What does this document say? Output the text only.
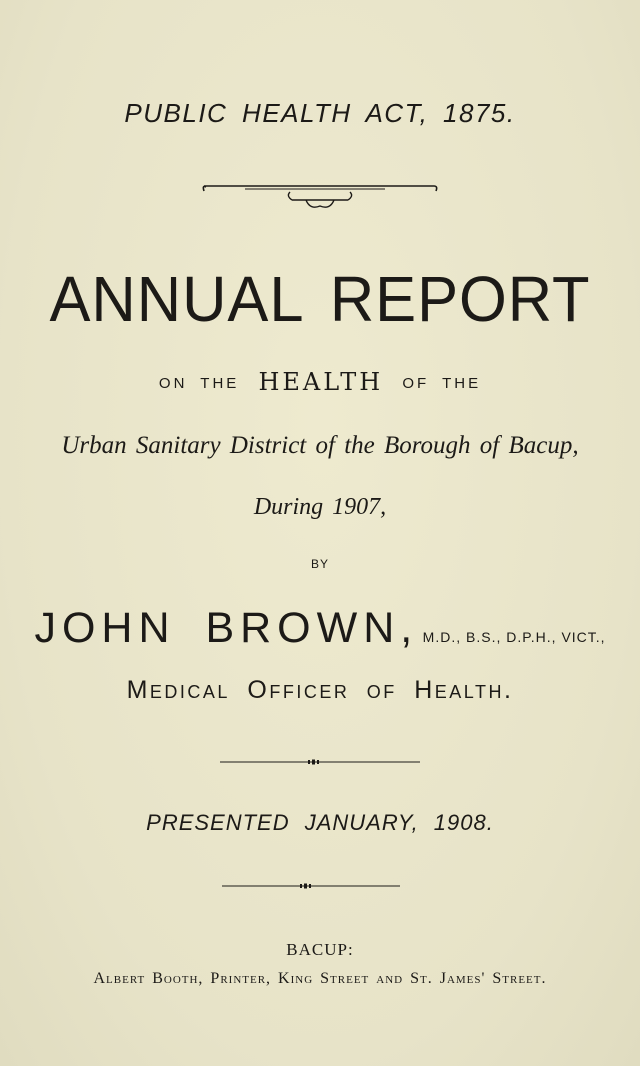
PUBLIC HEALTH ACT, 1875.
ANNUAL REPORT
ON THE HEALTH OF THE
Urban Sanitary District of the Borough of Bacup,
During 1907,
BY
JOHN BROWN, M.D., B.S., D.P.H., VICT.,
Medical Officer of Health.
PRESENTED JANUARY, 1908.
BACUP:
Albert Booth, Printer, King Street and St. James' Street.
